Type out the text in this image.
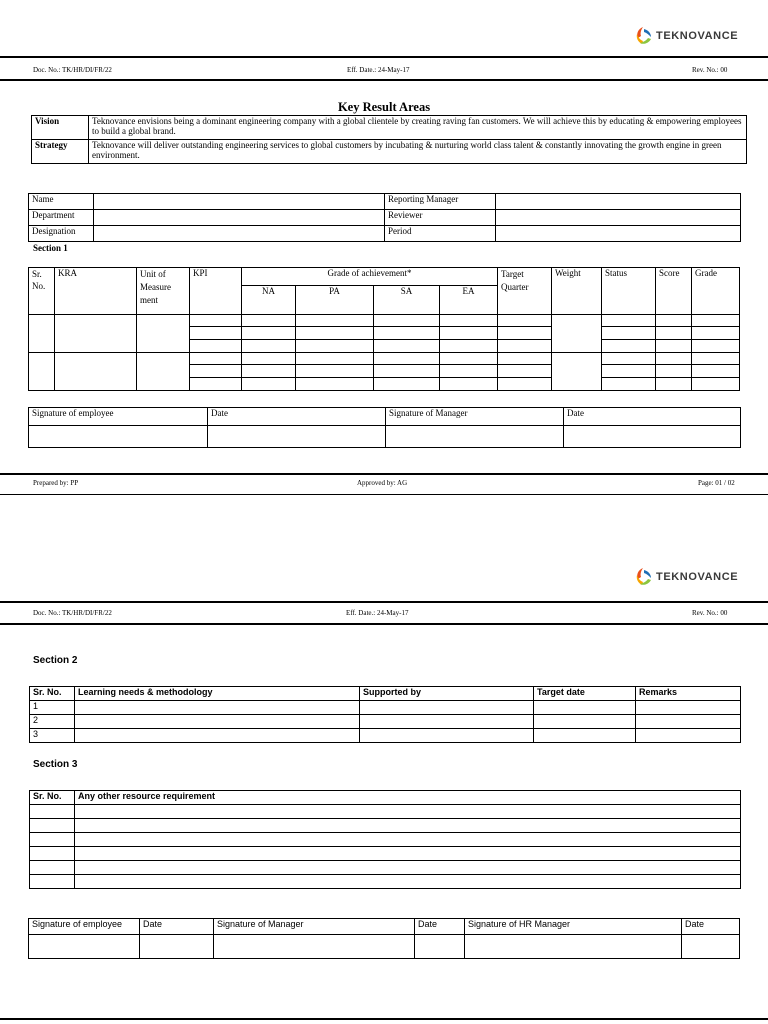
TEKNOVANCE
Doc. No.: TK/HR/DI/FR/22	Eff. Date.: 24-May-17	Rev. No.: 00
Key Result Areas
Vision	Teknovance envisions being a dominant engineering company with a global clientele by creating raving fan customers. We will achieve this by educating & empowering employees to build a global brand.
Strategy	Teknovance will deliver outstanding engineering services to global customers by incubating & nurturing world class talent & constantly innovating the growth engine in green environment.
Name		Reporting Manager	
Department		Reviewer	
Designation		Period	
Section 1
Sr. No.	KRA	Unit of Measure ment	KPI	Grade of achievement*				Target Quarter	Weight	Status	Score	Grade
				NA	PA	SA	EA					

Signature of employee	Date	Signature of Manager	Date

Prepared by: PP	Approved by: AG	Page: 01 / 02
TEKNOVANCE
Doc. No.: TK/HR/DI/FR/22	Eff. Date.: 24-May-17	Rev. No.: 00
Section 2
Sr. No.	Learning needs & methodology	Supported by	Target date	Remarks
1				
2				
3				
Section 3
Sr. No.	Any other resource requirement

Signature of employee	Date	Signature of Manager	Date	Signature of HR Manager	Date
